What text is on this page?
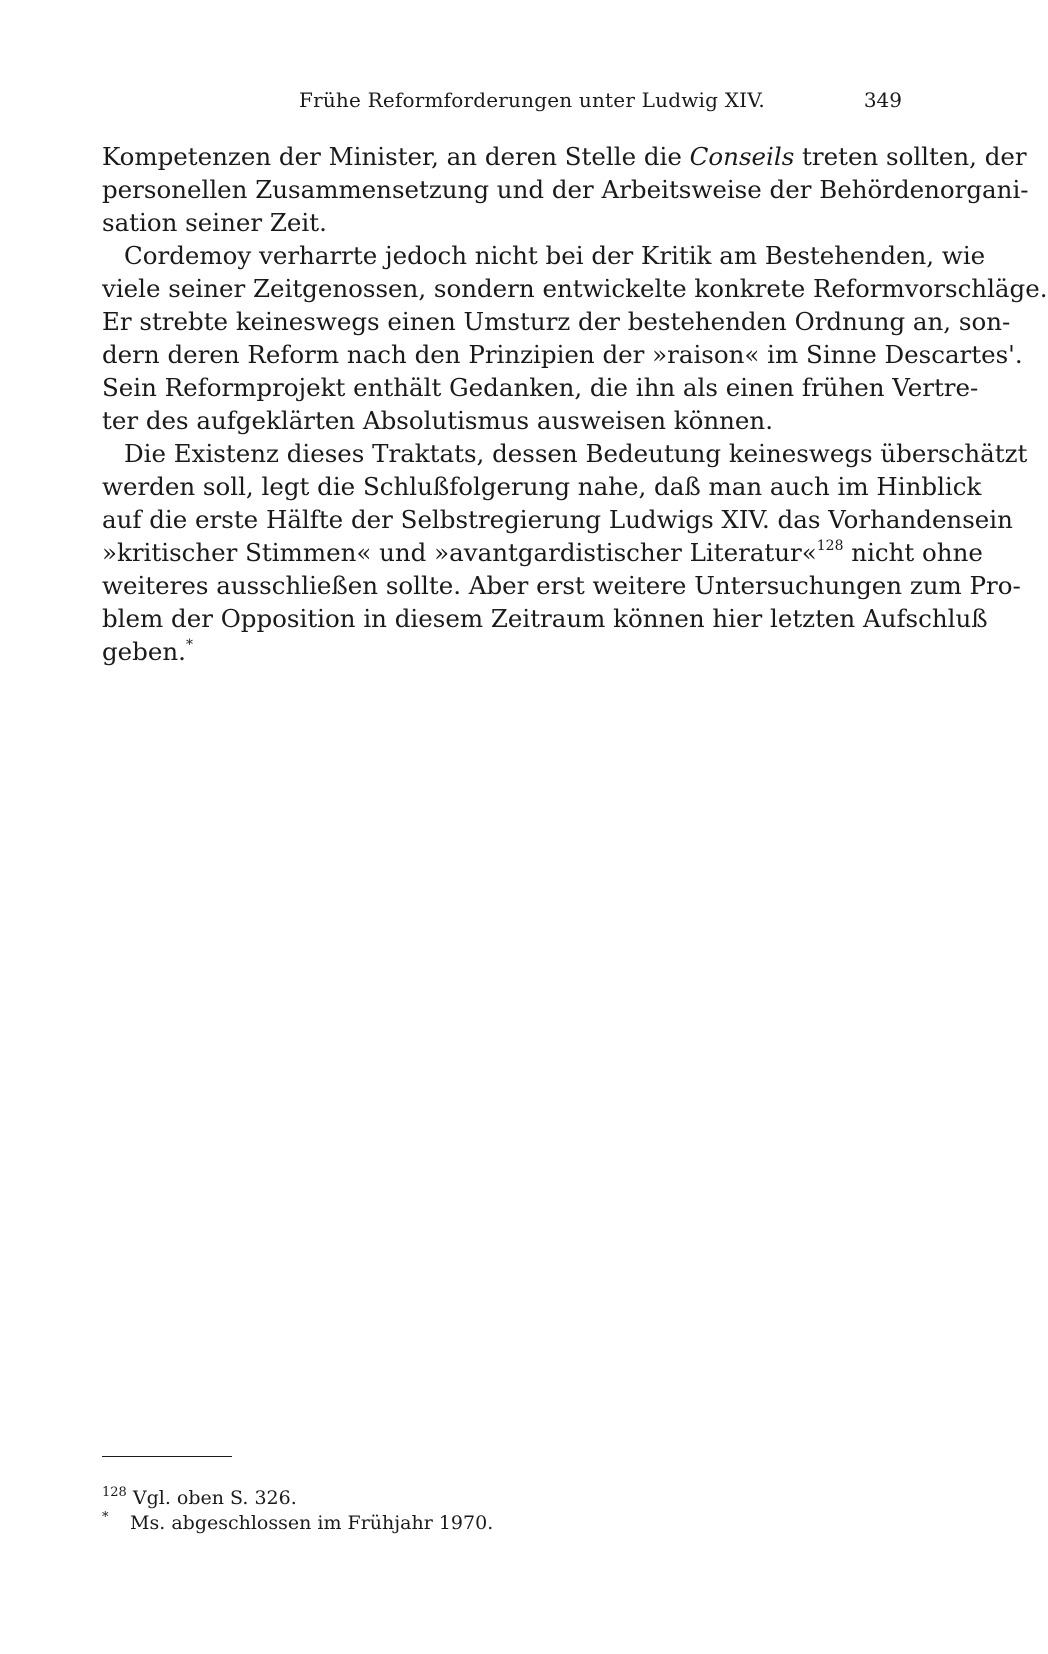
Frühe Reformforderungen unter Ludwig XIV.	349
Kompetenzen der Minister, an deren Stelle die Conseils treten sollten, der
personellen Zusammensetzung und der Arbeitsweise der Behördenorgani-
sation seiner Zeit.
Cordemoy verharrte jedoch nicht bei der Kritik am Bestehenden, wie
viele seiner Zeitgenossen, sondern entwickelte konkrete Reformvorschläge.
Er strebte keineswegs einen Umsturz der bestehenden Ordnung an, son-
dern deren Reform nach den Prinzipien der »raison« im Sinne Descartes'.
Sein Reformprojekt enthält Gedanken, die ihn als einen frühen Vertre-
ter des aufgeklärten Absolutismus ausweisen können.
Die Existenz dieses Traktats, dessen Bedeutung keineswegs überschätzt
werden soll, legt die Schlußfolgerung nahe, daß man auch im Hinblick
auf die erste Hälfte der Selbstregierung Ludwigs XIV. das Vorhandensein
»kritischer Stimmen« und »avantgardistischer Literatur«$^{128}$ nicht ohne
weiteres ausschließen sollte. Aber erst weitere Untersuchungen zum Pro-
blem der Opposition in diesem Zeitraum können hier letzten Aufschluß
geben.*
$^{128}$ Vgl. oben S. 326.
* Ms. abgeschlossen im Frühjahr 1970.
